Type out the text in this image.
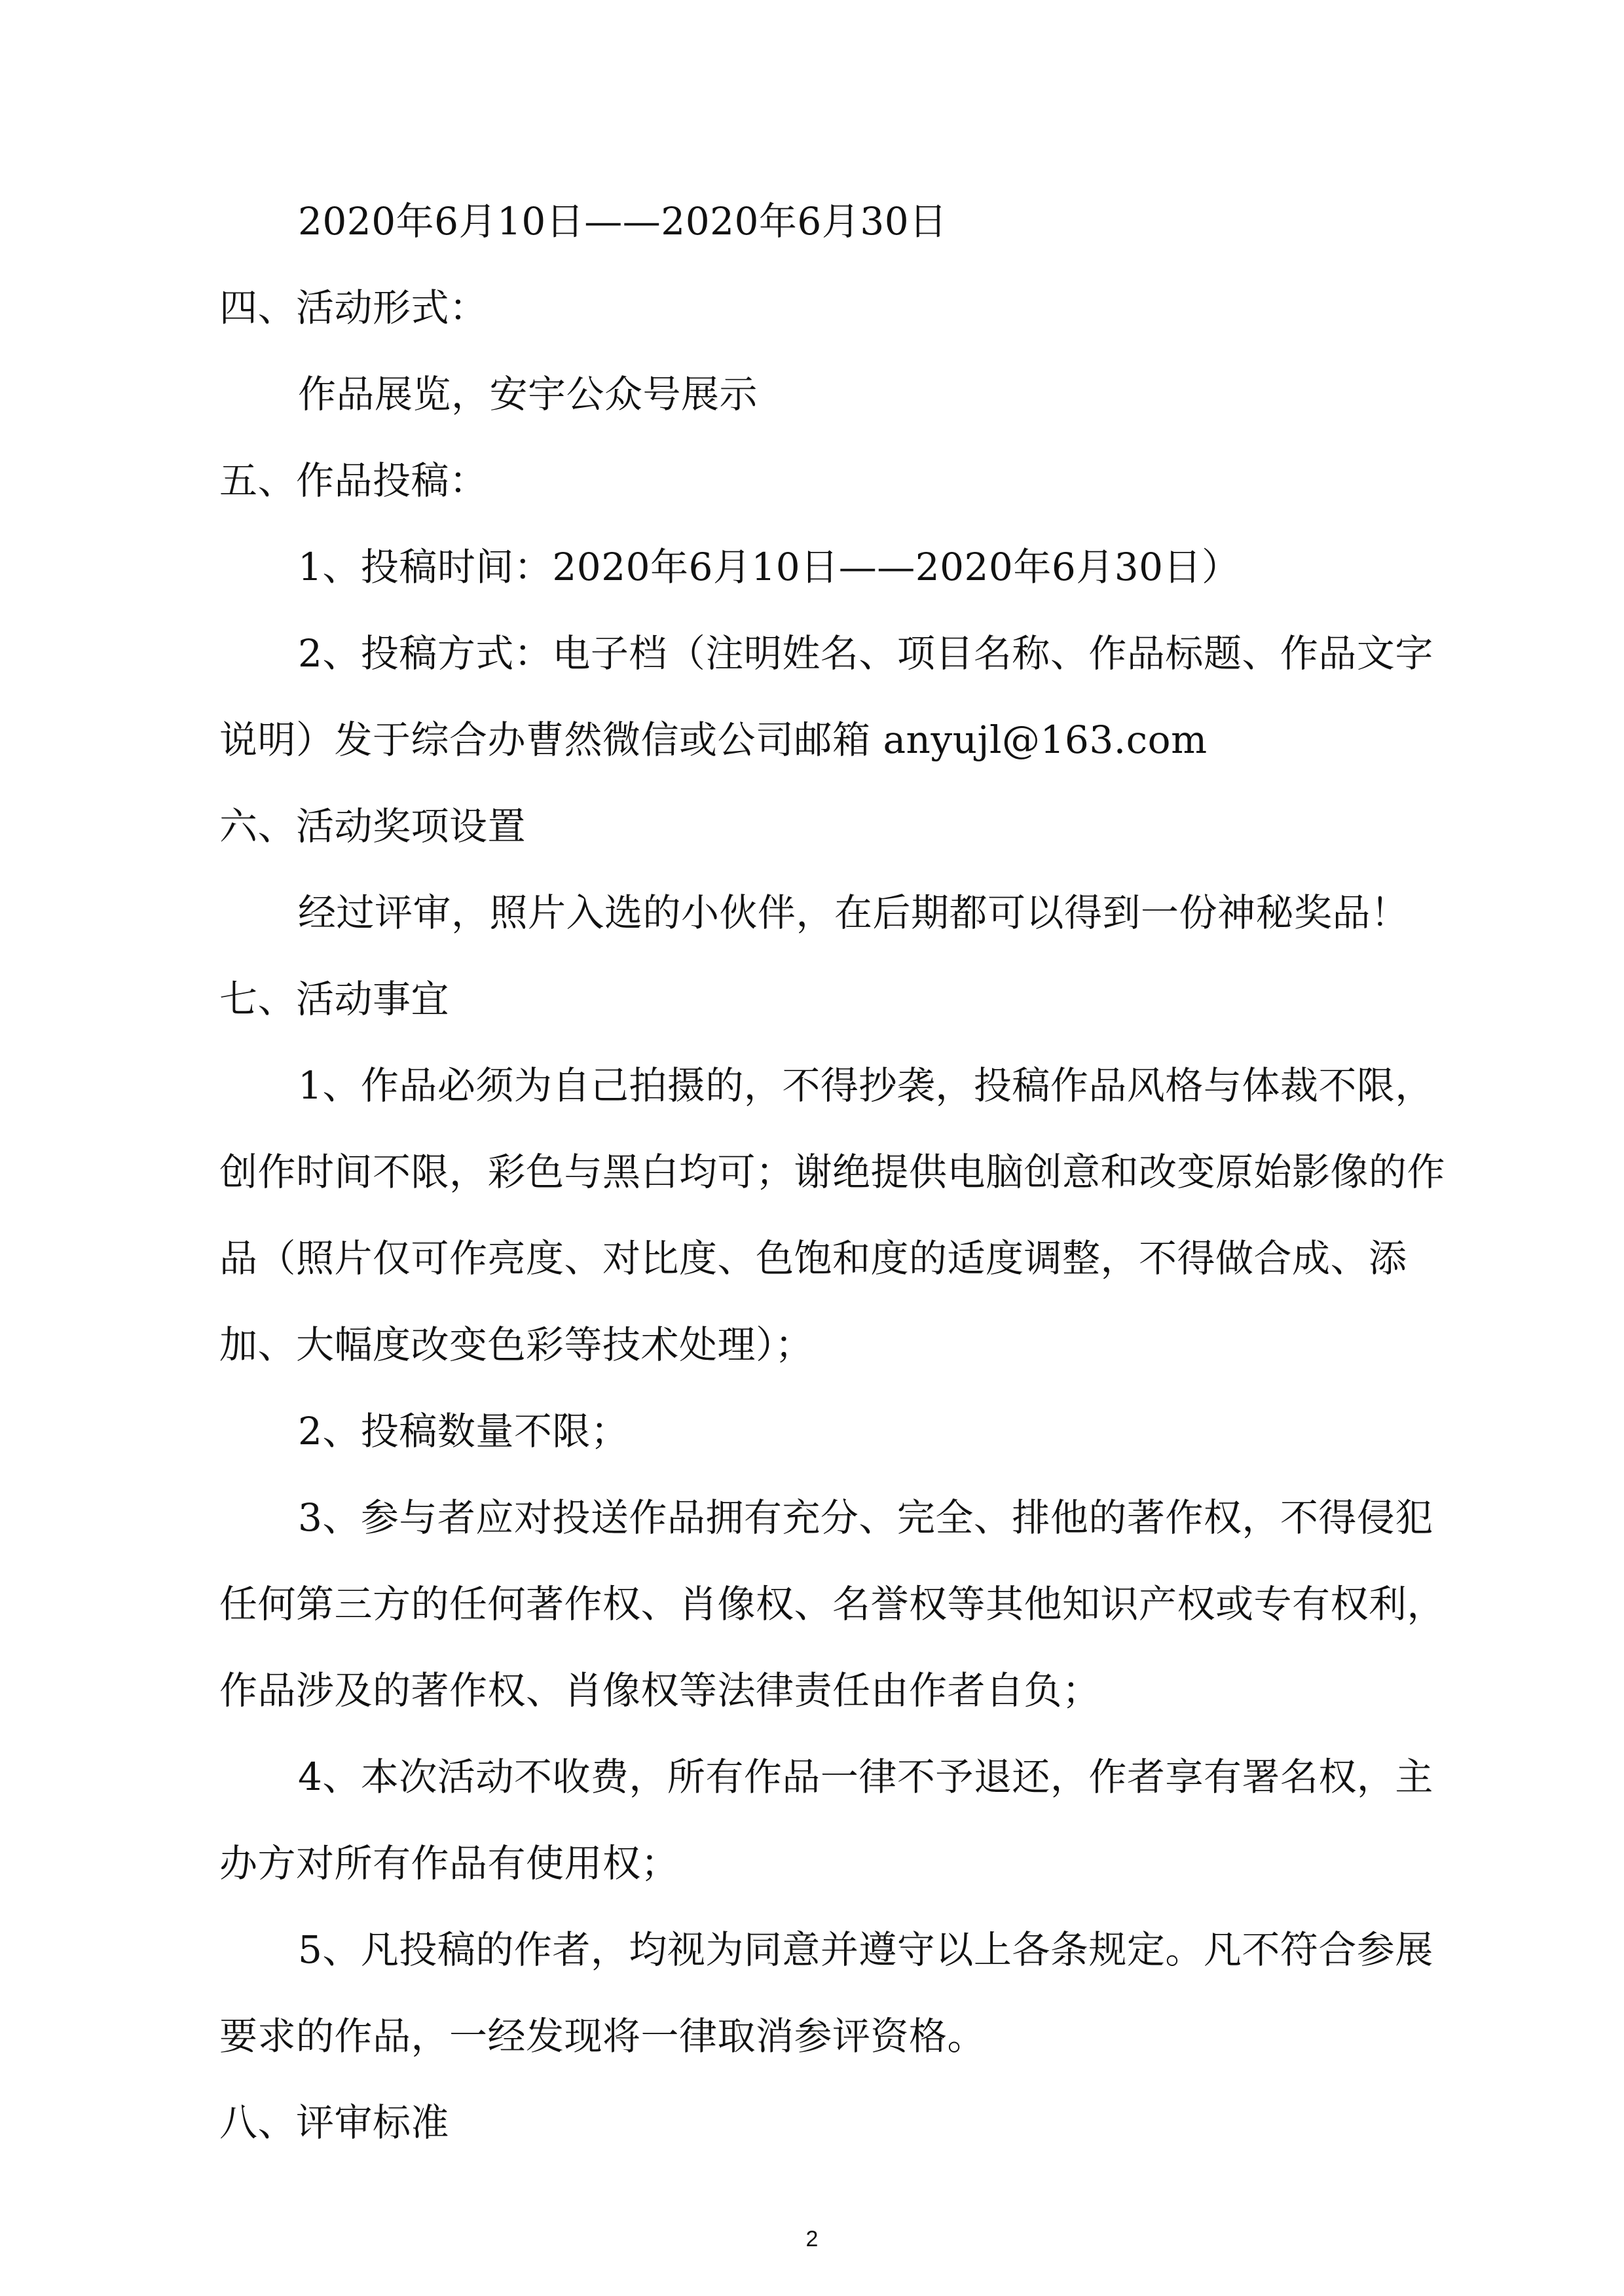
2020年6月10日——2020年6月30日
四、活动形式：
作品展览，安宇公众号展示
五、作品投稿：
1、投稿时间：2020年6月10日——2020年6月30日）
2、投稿方式：电子档（注明姓名、项目名称、作品标题、作品文字
说明）发于综合办曹然微信或公司邮箱 anyujl@163.com
六、活动奖项设置
经过评审，照片入选的小伙伴，在后期都可以得到一份神秘奖品！
七、活动事宜
1、作品必须为自己拍摄的，不得抄袭，投稿作品风格与体裁不限，
创作时间不限，彩色与黑白均可；谢绝提供电脑创意和改变原始影像的作
品（照片仅可作亮度、对比度、色饱和度的适度调整，不得做合成、添
加、大幅度改变色彩等技术处理）；
2、投稿数量不限；
3、参与者应对投送作品拥有充分、完全、排他的著作权，不得侵犯
任何第三方的任何著作权、肖像权、名誉权等其他知识产权或专有权利，
作品涉及的著作权、肖像权等法律责任由作者自负；
4、本次活动不收费，所有作品一律不予退还，作者享有署名权，主
办方对所有作品有使用权；
5、凡投稿的作者，均视为同意并遵守以上各条规定。凡不符合参展
要求的作品，一经发现将一律取消参评资格。
八、评审标准
2
